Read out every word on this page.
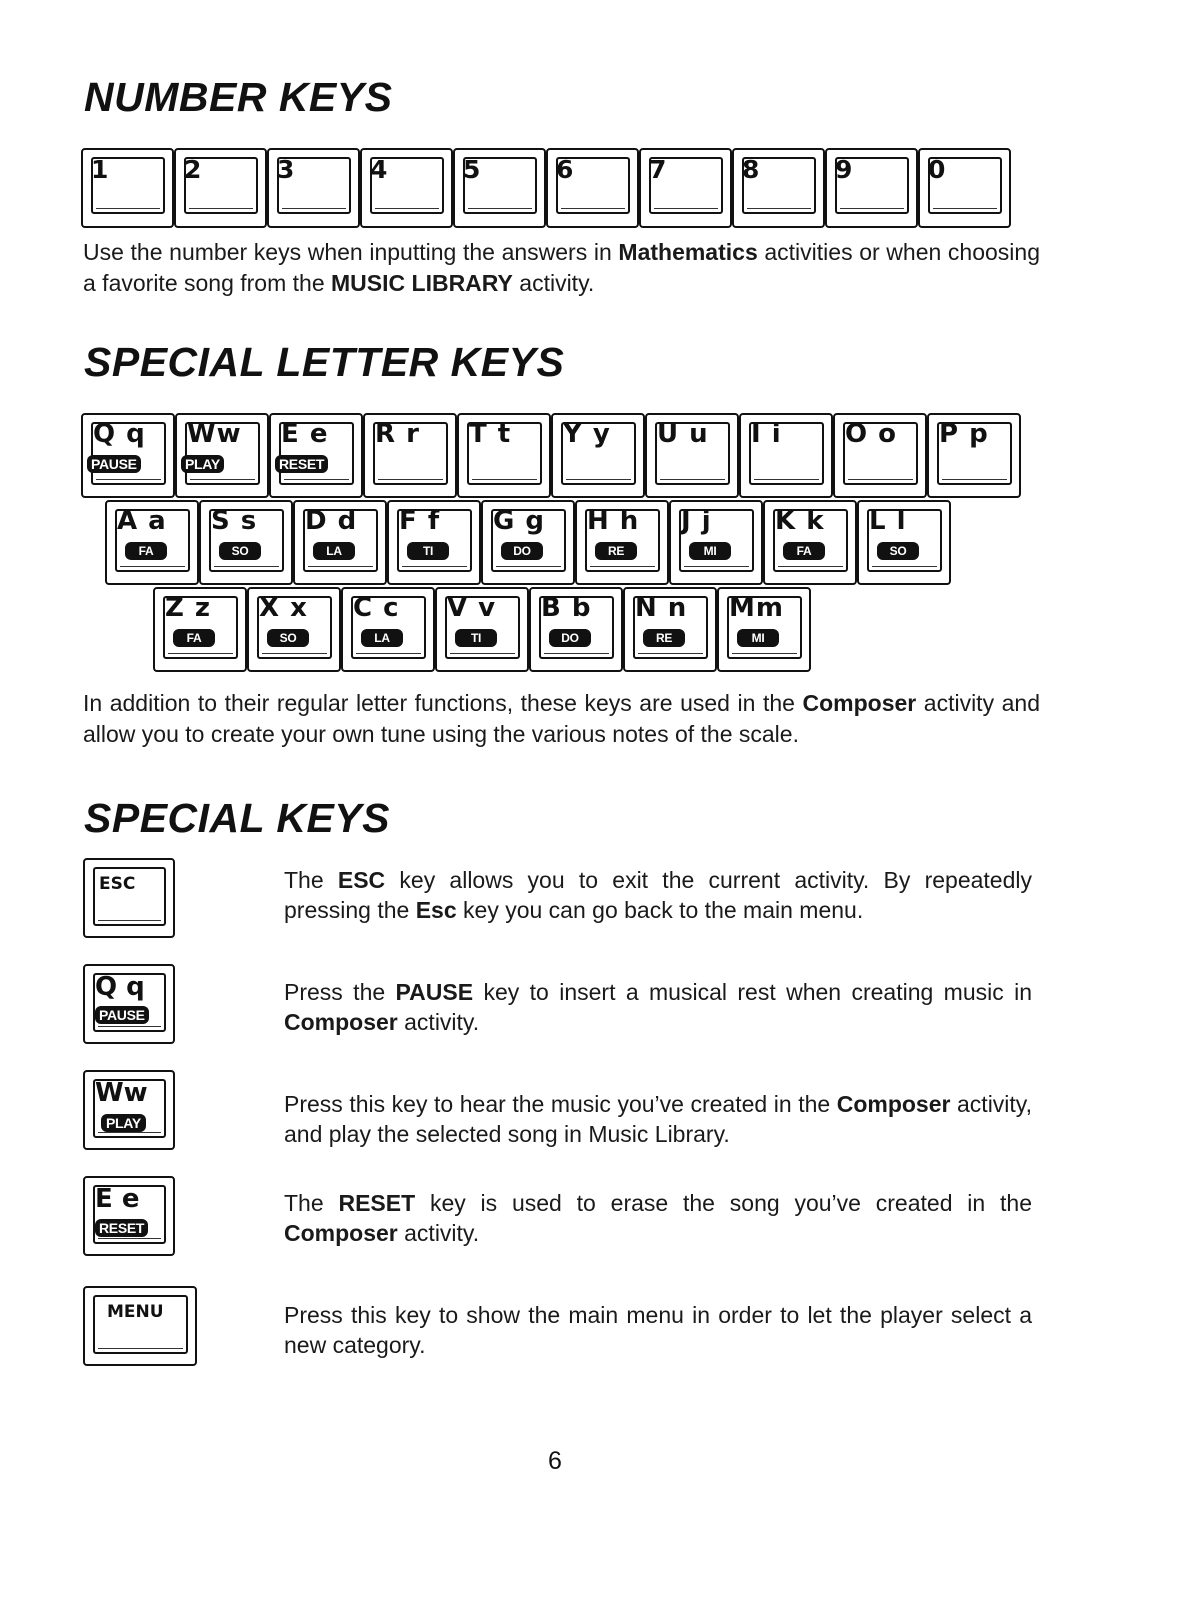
NUMBER KEYS
1	2	3	4	5	6	7	8	9	0

Use the number keys when inputting the answers in Mathematics activities or when choosing a favorite song from the MUSIC LIBRARY activity.

SPECIAL LETTER KEYS
Q q
PAUSE
Ww
PLAY
E e
RESET
R r T t Y y U u I i O o P p
A a
FA
S s
SO
D d
LA
F f
TI
G g
DO
H h
RE
J j
MI
K k
FA
L l
SO
Z z
FA
X x
SO
C c
LA
V v
TI
B b
DO
N n
RE
Mm
MI

In addition to their regular letter functions, these keys are used in the Composer activity and allow you to create your own tune using the various notes of the scale.

SPECIAL KEYS
ESC	The ESC key allows you to exit the current activity. By repeatedly pressing the Esc key you can go back to the main menu.

Q q
PAUSE

Press the PAUSE key to insert a musical rest when creating music in Composer activity.

Ww
PLAY

Press this key to hear the music you’ve created in the Composer activity, and play the selected song in Music Library.

E e
RESET

The RESET key is used to erase the song you’ve created in the Composer activity.

MENU	Press this key to show the main menu in order to let the player select a new category.

6
